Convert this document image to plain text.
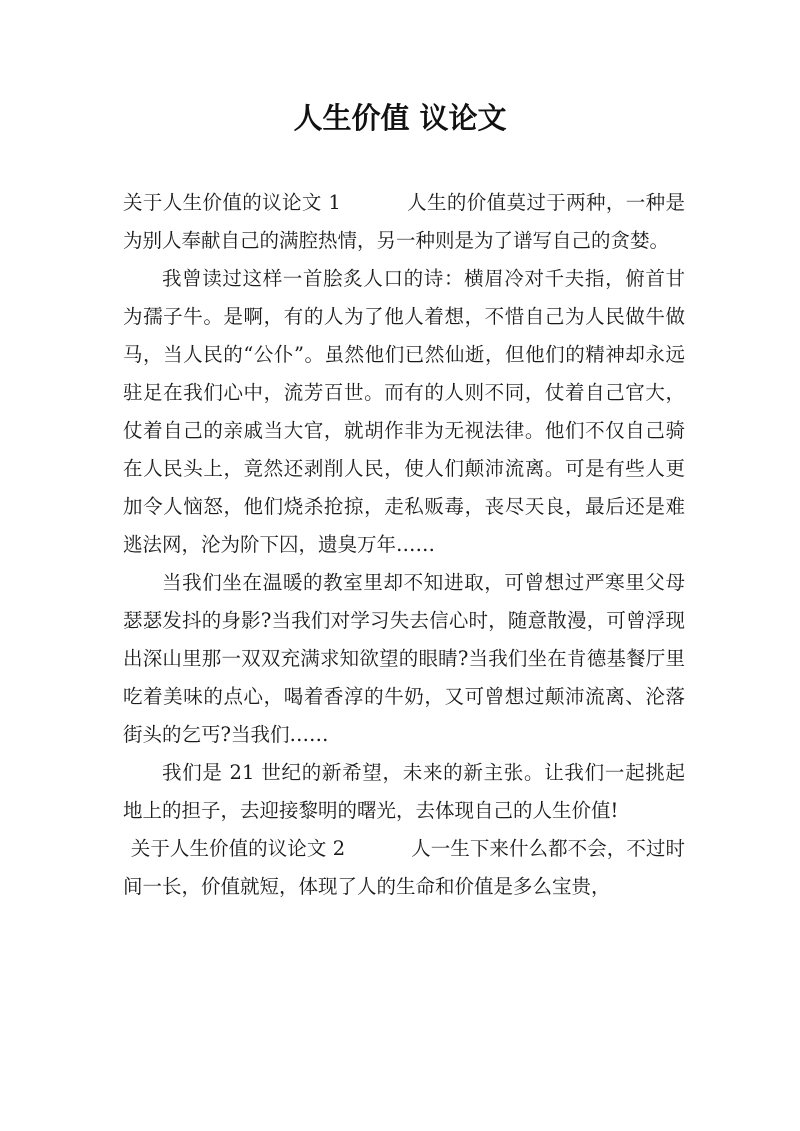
人生价值 议论文

关于人生价值的议论文 1	人生的价值莫过于两种，一种是为别人奉献自己的满腔热情，另一种则是为了谱写自己的贪婪。

我曾读过这样一首脍炙人口的诗：横眉冷对千夫指，俯首甘为孺子牛。是啊，有的人为了他人着想，不惜自己为人民做牛做马，当人民的“公仆”。虽然他们已然仙逝，但他们的精神却永远驻足在我们心中，流芳百世。而有的人则不同，仗着自己官大，仗着自己的亲戚当大官，就胡作非为无视法律。他们不仅自己骑在人民头上，竟然还剥削人民，使人们颠沛流离。可是有些人更加令人恼怒，他们烧杀抢掠，走私贩毒，丧尽天良，最后还是难逃法网，沦为阶下囚，遗臭万年……

当我们坐在温暖的教室里却不知进取，可曾想过严寒里父母瑟瑟发抖的身影?当我们对学习失去信心时，随意散漫，可曾浮现出深山里那一双双充满求知欲望的眼睛?当我们坐在肯德基餐厅里吃着美味的点心，喝着香淳的牛奶，又可曾想过颠沛流离、沦落街头的乞丐?当我们……

我们是 21 世纪的新希望，未来的新主张。让我们一起挑起地上的担子，去迎接黎明的曙光，去体现自己的人生价值!

关于人生价值的议论文 2	人一生下来什么都不会，不过时间一长，价值就短，体现了人的生命和价值是多么宝贵，
